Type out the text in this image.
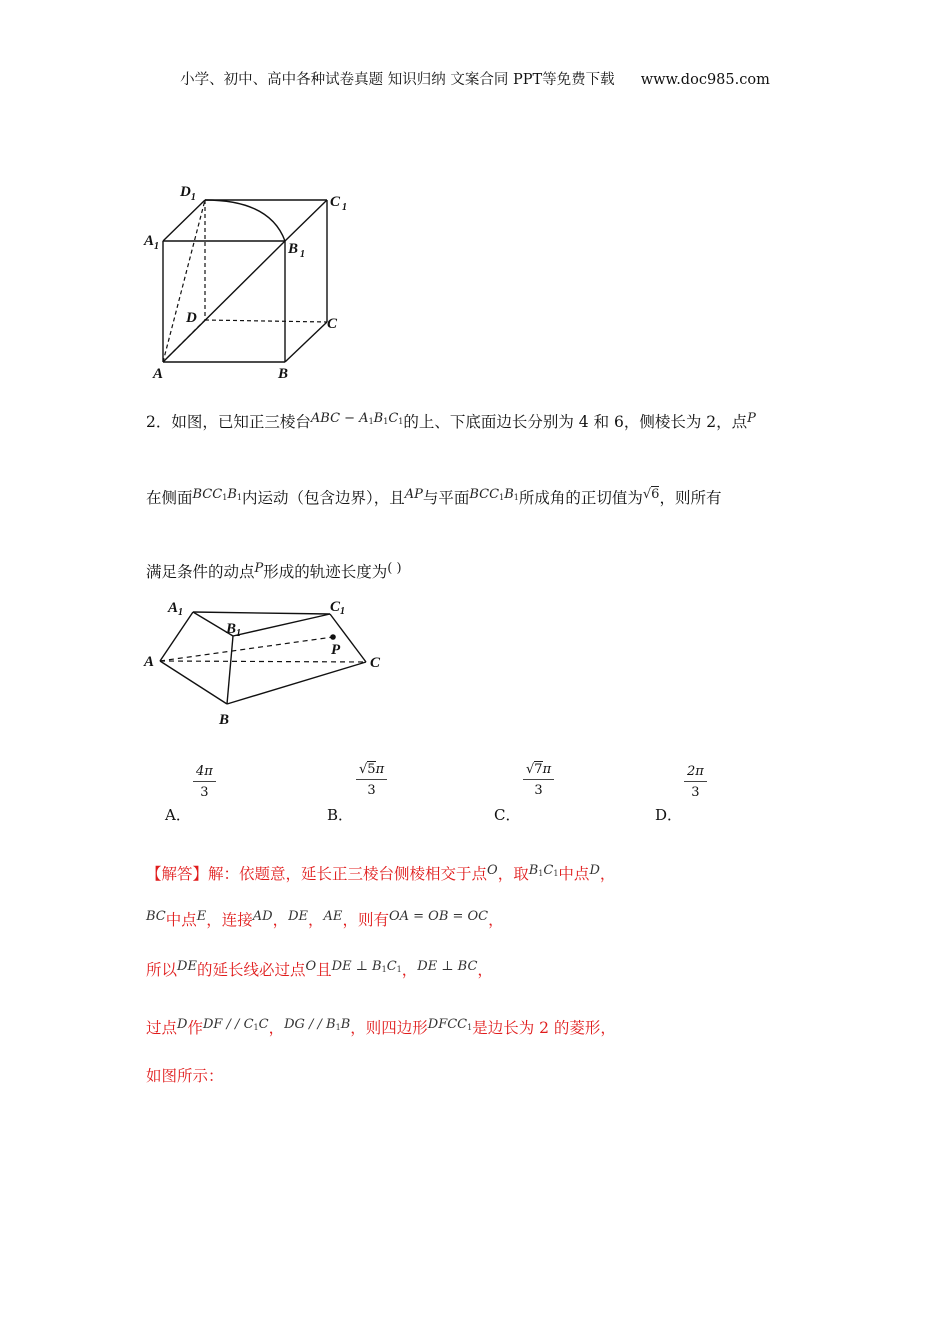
小学、初中、高中各种试卷真题 知识归纳 文案合同 PPT等免费下载 www.doc985.com
$D_1$	C $_1$
$A_1$	B $_1$
D	C
A	B
2．如图，已知正三棱台$^{ABC - A_1B_1C_1}$的上、下底面边长分别为 4 和 6，侧棱长为 2，点$^P$
在侧面$^{BCC_1B_1}$内运动（包含边界），且$^{AP}$与平面$^{BCC_1B_1}$所成角的正切值为$^{√6}$，则所有
满足条件的动点$^P$形成的轨迹长度为( )
$A_1$	$C_1$
$B_1$
P
A	C
B
$\frac{4\pi}{3}$
A．
$\frac{√5\pi}{3}$
B．
$\frac{√7\pi}{3}$
C．
$\frac{2\pi}{3}$
D．
【解答】解：依题意，延长正三棱台侧棱相交于点$^O$，取$^{B_1C_1}$中点$^D$，
$^{BC}$中点$^E$，连接$^{AD}$，$^{DE}$，$^{AE}$，则有$^{OA = OB = OC}$，
所以$^{DE}$的延长线必过点$^O$且$^{DE \perp B_1C_1}$，$^{DE \perp BC}$，
过点$^D$作$^{DF / / C_1C}$，$^{DG / / B_1B}$，则四边形$^{DFCC_1}$是边长为 2 的菱形，
如图所示：
